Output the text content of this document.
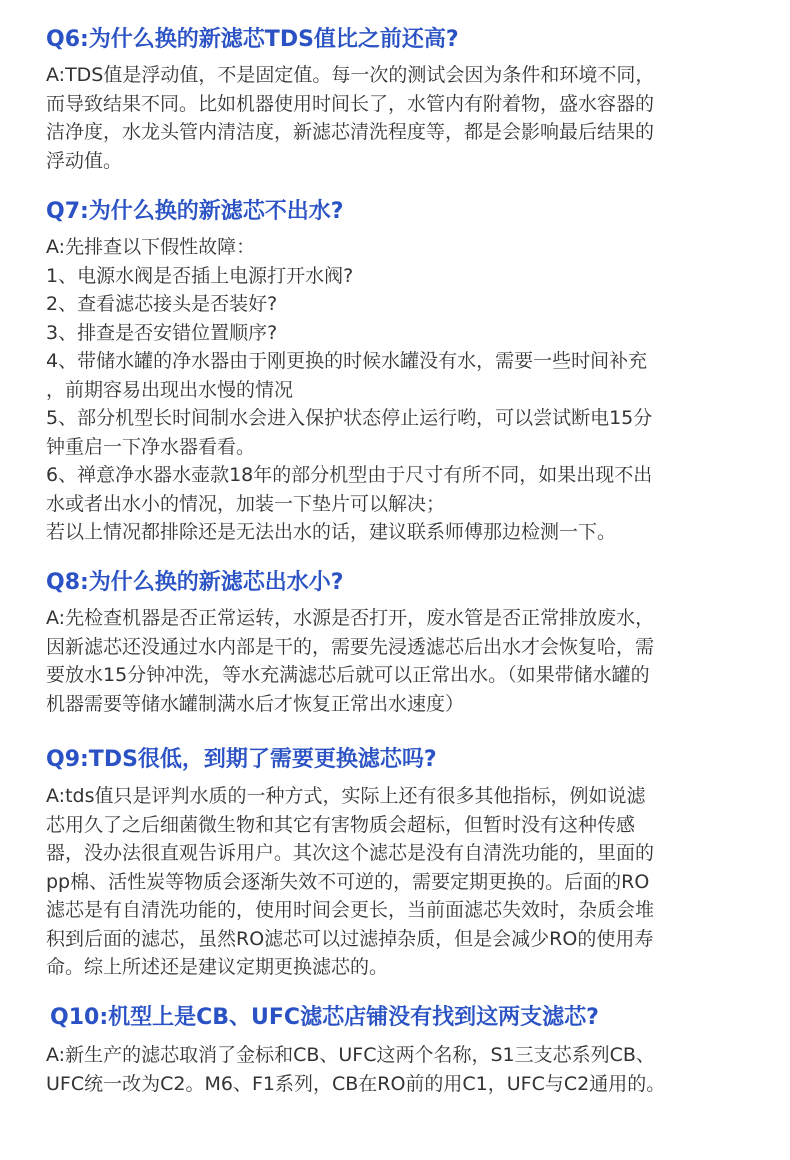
Q6:为什么换的新滤芯TDS值比之前还高?
A:TDS值是浮动值，不是固定值。每一次的测试会因为条件和环境不同，
而导致结果不同。比如机器使用时间长了，水管内有附着物，盛水容器的
洁净度，水龙头管内清洁度，新滤芯清洗程度等，都是会影响最后结果的
浮动值。
Q7:为什么换的新滤芯不出水?
A:先排查以下假性故障：
1、电源水阀是否插上电源打开水阀?
2、查看滤芯接头是否装好?
3、排查是否安错位置顺序?
4、带储水罐的净水器由于刚更换的时候水罐没有水，需要一些时间补充
，前期容易出现出水慢的情况
5、部分机型长时间制水会进入保护状态停止运行哟，可以尝试断电15分
钟重启一下净水器看看。
6、禅意净水器水壶款18年的部分机型由于尺寸有所不同，如果出现不出
水或者出水小的情况，加装一下垫片可以解决；
若以上情况都排除还是无法出水的话，建议联系师傅那边检测一下。
Q8:为什么换的新滤芯出水小?
A:先检查机器是否正常运转，水源是否打开，废水管是否正常排放废水，
因新滤芯还没通过水内部是干的，需要先浸透滤芯后出水才会恢复哈，需
要放水15分钟冲洗，等水充满滤芯后就可以正常出水。（如果带储水罐的
机器需要等储水罐制满水后才恢复正常出水速度）
Q9:TDS很低，到期了需要更换滤芯吗?
A:tds值只是评判水质的一种方式，实际上还有很多其他指标，例如说滤
芯用久了之后细菌微生物和其它有害物质会超标，但暂时没有这种传感
器，没办法很直观告诉用户。其次这个滤芯是没有自清洗功能的，里面的
pp棉、活性炭等物质会逐渐失效不可逆的，需要定期更换的。后面的RO
滤芯是有自清洗功能的，使用时间会更长，当前面滤芯失效时，杂质会堆
积到后面的滤芯，虽然RO滤芯可以过滤掉杂质，但是会减少RO的使用寿
命。综上所述还是建议定期更换滤芯的。
Q10:机型上是CB、UFC滤芯店铺没有找到这两支滤芯?
A:新生产的滤芯取消了金标和CB、UFC这两个名称，S1三支芯系列CB、
UFC统一改为C2。M6、F1系列，CB在RO前的用C1，UFC与C2通用的。
